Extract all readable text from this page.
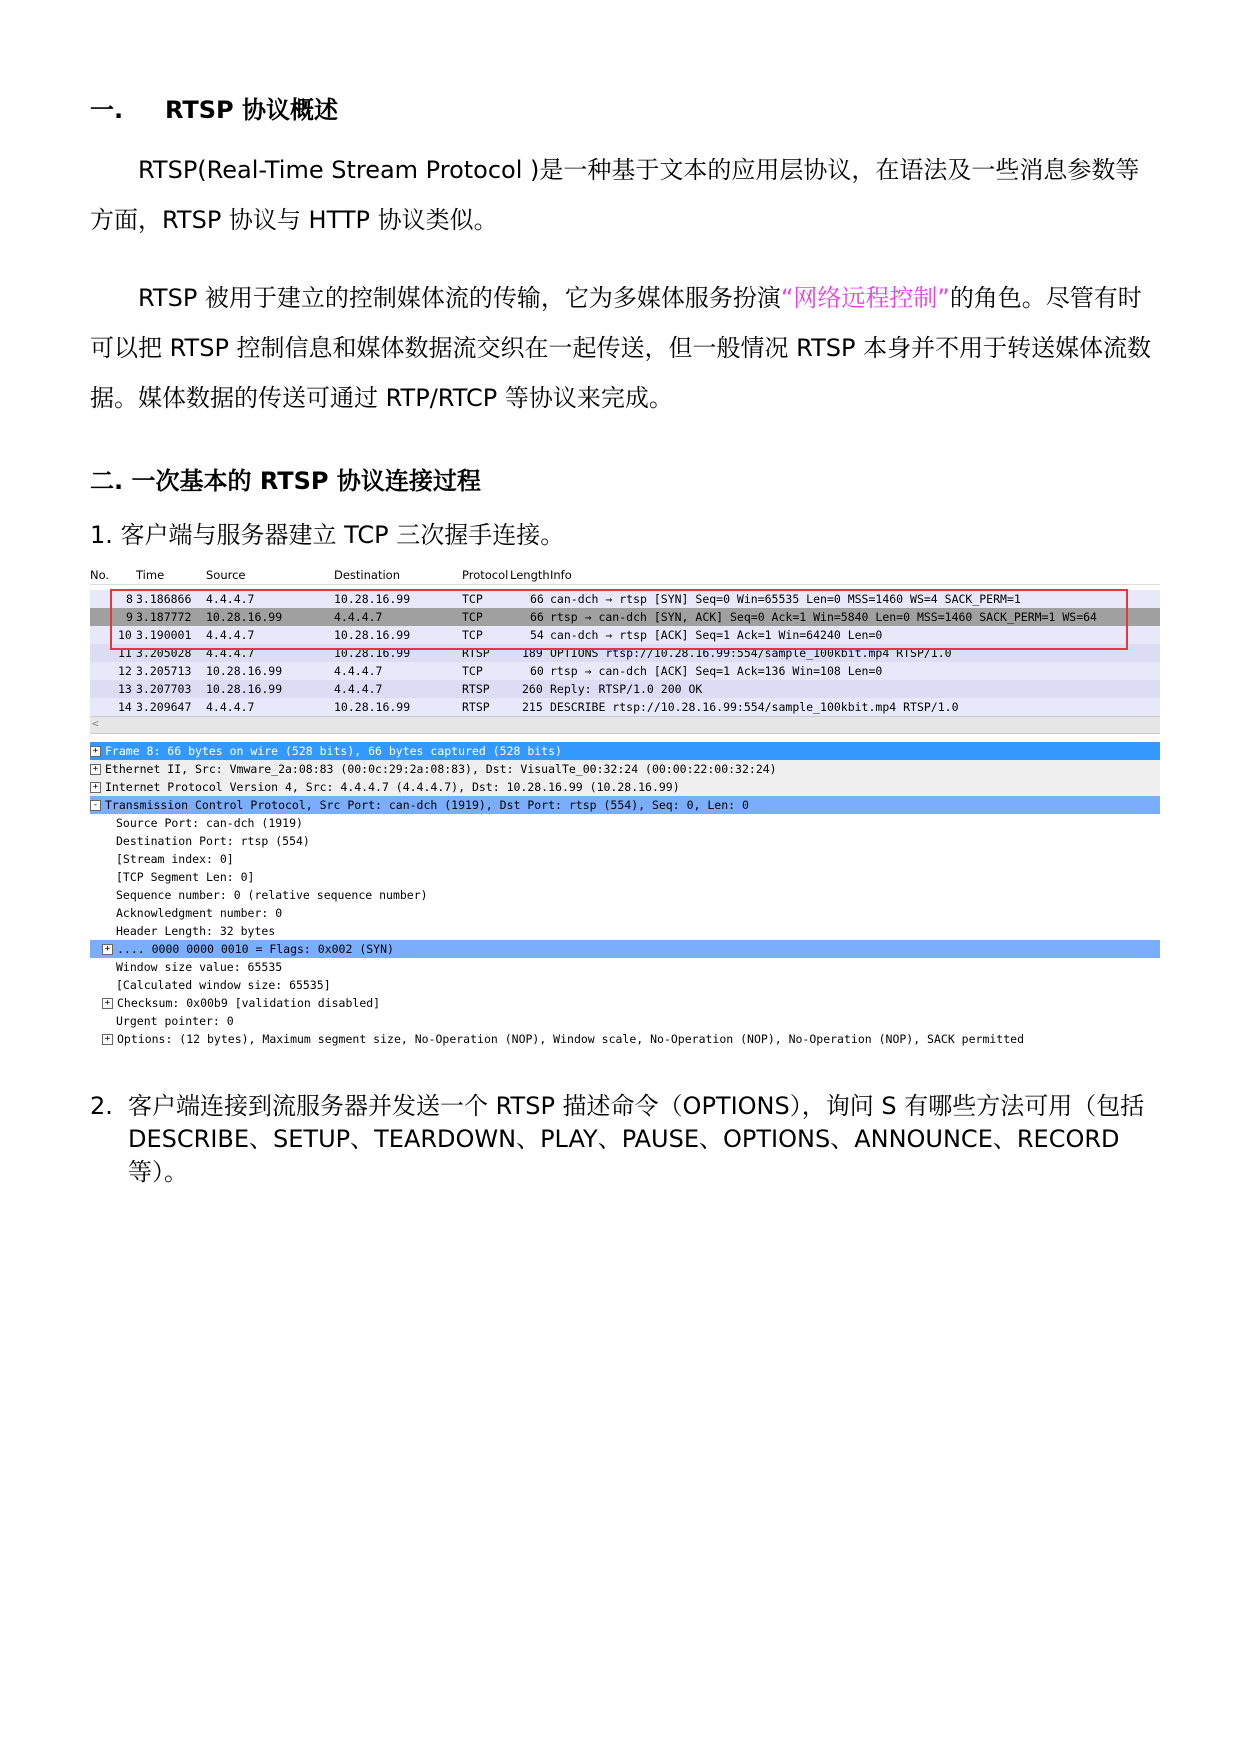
一. RTSP 协议概述

RTSP(Real-Time Stream Protocol )是一种基于文本的应用层协议，在语法及一些消息参数等方面，RTSP 协议与 HTTP 协议类似。

RTSP 被用于建立的控制媒体流的传输，它为多媒体服务扮演“网络远程控制”的角色。尽管有时可以把 RTSP 控制信息和媒体数据流交织在一起传送，但一般情况 RTSP 本身并不用于转送媒体流数据。媒体数据的传送可通过 RTP/RTCP 等协议来完成。

二. 一次基本的 RTSP 协议连接过程

1. 客户端与服务器建立 TCP 三次握手连接。

No. Time	Source	Destination	Protocol Length Info
8 3.186866 4.4.4.7	10.28.16.99	TCP	66 can-dch → rtsp [SYN] Seq=0 Win=65535 Len=0 MSS=1460 WS=4 SACK_PERM=1
9 3.187772 10.28.16.99	4.4.4.7	TCP	66 rtsp → can-dch [SYN, ACK] Seq=0 Ack=1 Win=5840 Len=0 MSS=1460 SACK_PERM=1 WS=64
10 3.190001 4.4.4.7	10.28.16.99	TCP	54 can-dch → rtsp [ACK] Seq=1 Ack=1 Win=64240 Len=0
11 3.205028 4.4.4.7	10.28.16.99	RTSP	189 OPTIONS rtsp://10.28.16.99:554/sample_100kbit.mp4 RTSP/1.0
12 3.205713 10.28.16.99	4.4.4.7	TCP	60 rtsp → can-dch [ACK] Seq=1 Ack=136 Win=108 Len=0
13 3.207703 10.28.16.99	4.4.4.7	RTSP	260 Reply: RTSP/1.0 200 OK
14 3.209647 4.4.4.7	10.28.16.99	RTSP	215 DESCRIBE rtsp://10.28.16.99:554/sample_100kbit.mp4 RTSP/1.0
<
+ Frame 8: 66 bytes on wire (528 bits), 66 bytes captured (528 bits)
+ Ethernet II, Src: Vmware_2a:08:83 (00:0c:29:2a:08:83), Dst: VisualTe_00:32:24 (00:00:22:00:32:24)
+ Internet Protocol Version 4, Src: 4.4.4.7 (4.4.4.7), Dst: 10.28.16.99 (10.28.16.99)
- Transmission Control Protocol, Src Port: can-dch (1919), Dst Port: rtsp (554), Seq: 0, Len: 0
Source Port: can-dch (1919)
Destination Port: rtsp (554)
[Stream index: 0]
[TCP Segment Len: 0]
Sequence number: 0 (relative sequence number)
Acknowledgment number: 0
Header Length: 32 bytes
+ .... 0000 0000 0010 = Flags: 0x002 (SYN)
Window size value: 65535
[Calculated window size: 65535]
+ Checksum: 0x00b9 [validation disabled]
Urgent pointer: 0
+ Options: (12 bytes), Maximum segment size, No-Operation (NOP), Window scale, No-Operation (NOP), No-Operation (NOP), SACK permitted
2. 客户端连接到流服务器并发送一个 RTSP 描述命令（OPTIONS），询问 S 有哪些方法可用（包括 DESCRIBE、SETUP、TEARDOWN、PLAY、PAUSE、OPTIONS、ANNOUNCE、RECORD 等）。
